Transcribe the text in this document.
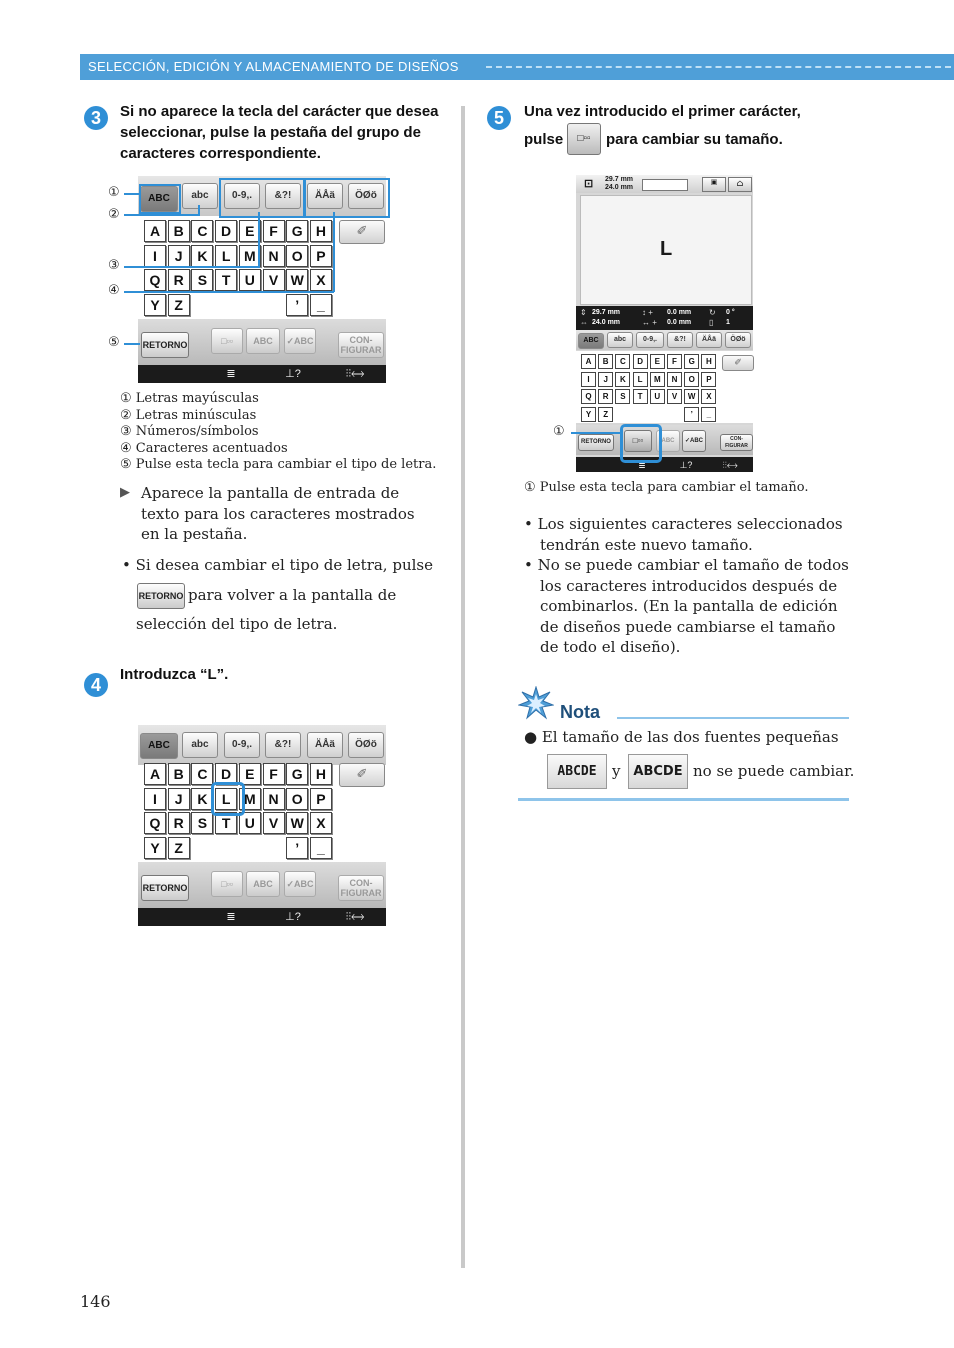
SELECCIÓN, EDICIÓN Y ALMACENAMIENTO DE DISEÑOS
3	Si no aparece la tecla del carácter que desea seleccionar, pulse la pestaña del grupo de caracteres correspondiente.
ABC	abc	0-9,.	&?!	ÄÅä	ÖØö
A B C D E	F G H
I	J	K	L M N O P
Q R S	T	U V W X
Y	Z	’	_
✐
RETORNO	□▫▫	ABC	✓ABC	CON- FIGURAR
≣	⊥?	⫶⫶⟷
①
②
③
④
⑤
① Letras mayúsculas
② Letras minúsculas
③ Números/símbolos
④ Caracteres acentuados
⑤ Pulse esta tecla para cambiar el tipo de letra.
▶ Aparece la pantalla de entrada de texto para los caracteres mostrados en la pestaña.
• Si desea cambiar el tipo de letra, pulse
RETORNO para volver a la pantalla de
selección del tipo de letra.
4
Introduzca “L”.
ABC	abc	0-9,.	&?!	ÄÅä	ÖØö
A B C D E	F G H
I	J	K	L M N O P
Q R S	T	U V W X
Y	Z	’	_
✐
RETORNO	□▫▫	ABC	✓ABC	CON- FIGURAR
≣	⊥?	⫶⫶⟷
5	Una vez introducido el primer carácter,
pulse	□▫▫	para cambiar su tamaño.
⊡ 29.7 mm
24.0 mm
▣	⌂
L
⇕
⇔
29.7 mm
24.0 mm
↕ +
↔ +
0.0 mm
0.0 mm
↻
▯
0 °
1
ABC	abc	0-9,.	&?!	ÄÅä	ÖØö
A	B	C	D	E	F	G	H
I	J	K	L	M	N	O	P
Q	R	S	T	U	V	W	X
Y	Z	’	_
✐
RETORNO	□▫▫	ABC	✓ABC	CON- FIGURAR
≣	⊥?	⫶⫶⟷
①
① Pulse esta tecla para cambiar el tamaño.
• Los siguientes caracteres seleccionados tendrán este nuevo tamaño.
• No se puede cambiar el tamaño de todos los caracteres introducidos después de combinarlos. (En la pantalla de edición de diseños puede cambiarse el tamaño de todo el diseño).
Nota
● El tamaño de las dos fuentes pequeñas
ABCDE	y ABCDE no se puede cambiar.
146
